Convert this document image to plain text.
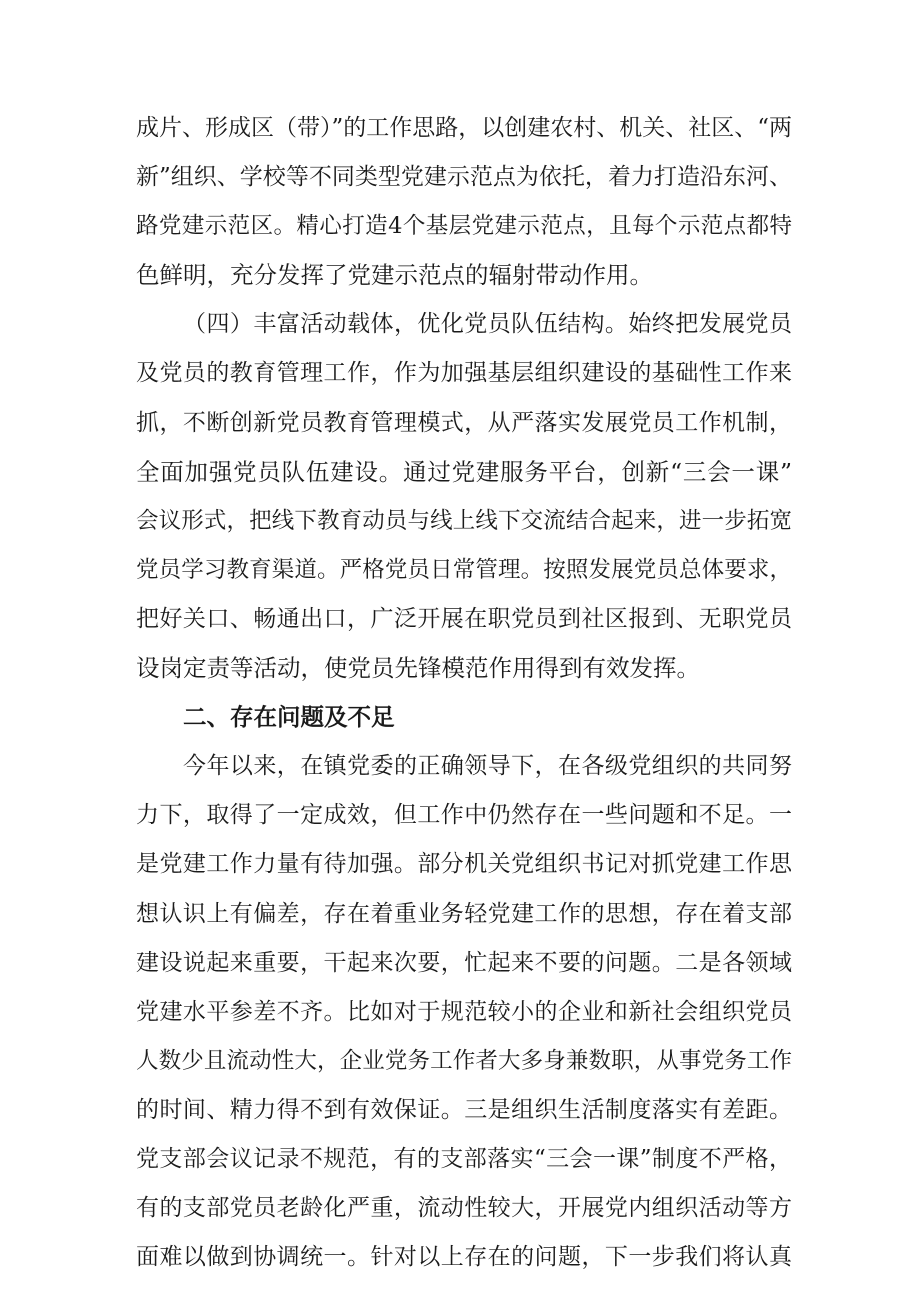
成片、形成区（带）”的工作思路，以创建农村、机关、社区、“两
新”组织、学校等不同类型党建示范点为依托，着力打造沿东河、
路党建示范区。精心打造4个基层党建示范点，且每个示范点都特
色鲜明，充分发挥了党建示范点的辐射带动作用。
（四）丰富活动载体，优化党员队伍结构。始终把发展党员
及党员的教育管理工作，作为加强基层组织建设的基础性工作来
抓，不断创新党员教育管理模式，从严落实发展党员工作机制，
全面加强党员队伍建设。通过党建服务平台，创新“三会一课”
会议形式，把线下教育动员与线上线下交流结合起来，进一步拓宽
党员学习教育渠道。严格党员日常管理。按照发展党员总体要求，
把好关口、畅通出口，广泛开展在职党员到社区报到、无职党员
设岗定责等活动，使党员先锋模范作用得到有效发挥。
二、存在问题及不足
今年以来，在镇党委的正确领导下，在各级党组织的共同努
力下，取得了一定成效，但工作中仍然存在一些问题和不足。一
是党建工作力量有待加强。部分机关党组织书记对抓党建工作思
想认识上有偏差，存在着重业务轻党建工作的思想，存在着支部
建设说起来重要，干起来次要，忙起来不要的问题。二是各领域
党建水平参差不齐。比如对于规范较小的企业和新社会组织党员
人数少且流动性大，企业党务工作者大多身兼数职，从事党务工作
的时间、精力得不到有效保证。三是组织生活制度落实有差距。
党支部会议记录不规范，有的支部落实“三会一课”制度不严格，
有的支部党员老龄化严重，流动性较大，开展党内组织活动等方
面难以做到协调统一。针对以上存在的问题，下一步我们将认真
